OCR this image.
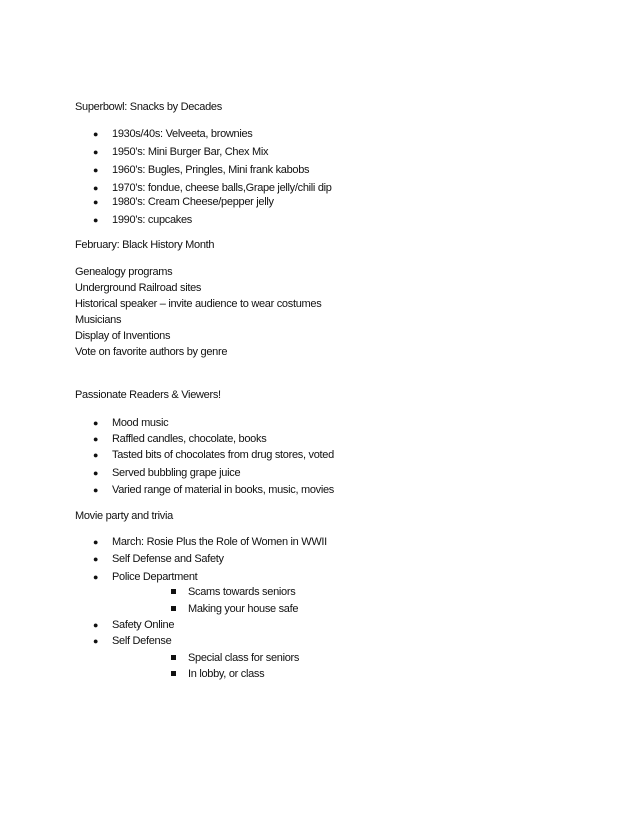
Superbowl: Snacks by Decades
● 1930s/40s: Velveeta, brownies
● 1950’s: Mini Burger Bar, Chex Mix
● 1960’s: Bugles, Pringles, Mini frank kabobs
● 1970’s: fondue, cheese balls,Grape jelly/chili dip
● 1980’s: Cream Cheese/pepper jelly
● 1990’s: cupcakes
February: Black History Month
Genealogy programs
Underground Railroad sites
Historical speaker – invite audience to wear costumes
Musicians
Display of Inventions
Vote on favorite authors by genre
Passionate Readers & Viewers!
● Mood music
● Raffled candles, chocolate, books
● Tasted bits of chocolates from drug stores, voted
● Served bubbling grape juice
● Varied range of material in books, music, movies
Movie party and trivia
● March: Rosie Plus the Role of Women in WWII
● Self Defense and Safety
● Police Department
Scams towards seniors
Making your house safe
● Safety Online
● Self Defense
Special class for seniors
In lobby, or class
